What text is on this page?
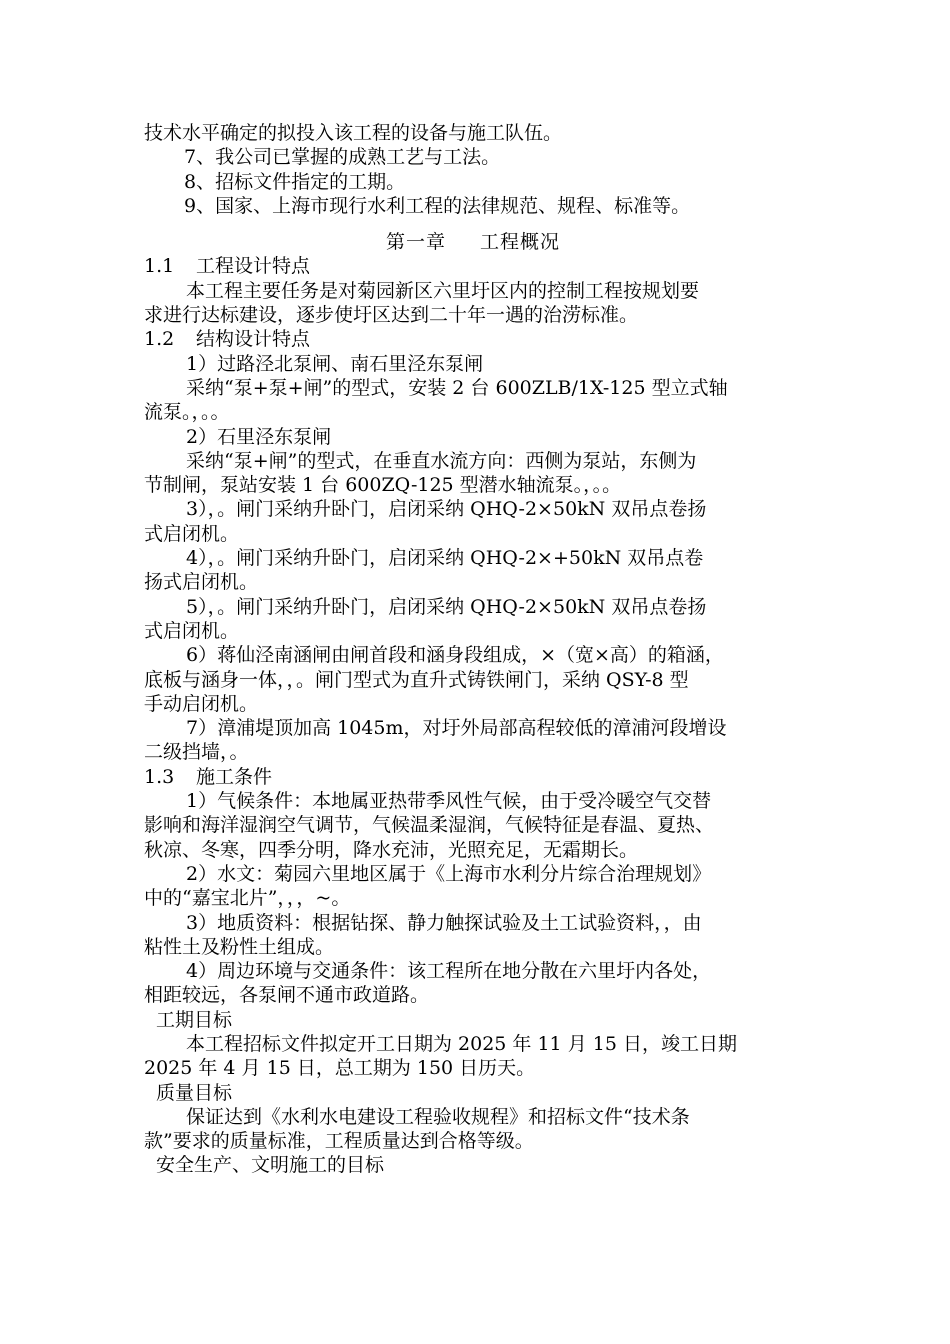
技术水平确定的拟投入该工程的设备与施工队伍。
7、我公司已掌握的成熟工艺与工法。
8、招标文件指定的工期。
9、国家、上海市现行水利工程的法律规范、规程、标准等。
第一章 工程概况
1.1 工程设计特点
本工程主要任务是对菊园新区六里圩区内的控制工程按规划要
求进行达标建设，逐步使圩区达到二十年一遇的治涝标准。
1.2 结构设计特点
1）过路泾北泵闸、南石里泾东泵闸
采纳“泵+泵+闸”的型式，安装 2 台 600ZLB/1X-125 型立式轴
流泵。，。。
2）石里泾东泵闸
采纳“泵+闸”的型式，在垂直水流方向：西侧为泵站，东侧为
节制闸，泵站安装 1 台 600ZQ-125 型潜水轴流泵。，。。
3），。闸门采纳升卧门，启闭采纳 QHQ-2×50kN 双吊点卷扬
式启闭机。
4），。闸门采纳升卧门，启闭采纳 QHQ-2×+50kN 双吊点卷
扬式启闭机。
5），。闸门采纳升卧门，启闭采纳 QHQ-2×50kN 双吊点卷扬
式启闭机。
6）蒋仙泾南涵闸由闸首段和涵身段组成，×（宽×高）的箱涵，
底板与涵身一体，，。闸门型式为直升式铸铁闸门，采纳 QSY-8 型
手动启闭机。
7）漳浦堤顶加高 1045m，对圩外局部高程较低的漳浦河段增设
二级挡墙，。
1.3 施工条件
1）气候条件：本地属亚热带季风性气候，由于受冷暖空气交替
影响和海洋湿润空气调节，气候温柔湿润，气候特征是春温、夏热、
秋凉、冬寒，四季分明，降水充沛，光照充足，无霜期长。
2）水文：菊园六里地区属于《上海市水利分片综合治理规划》
中的“嘉宝北片”，，，~。
3）地质资料：根据钻探、静力触探试验及土工试验资料，，由
粘性土及粉性土组成。
4）周边环境与交通条件：该工程所在地分散在六里圩内各处，
相距较远，各泵闸不通市政道路。
工期目标
本工程招标文件拟定开工日期为 2025 年 11 月 15 日，竣工日期
2025 年 4 月 15 日，总工期为 150 日历天。
质量目标
保证达到《水利水电建设工程验收规程》和招标文件“技术条
款”要求的质量标准，工程质量达到合格等级。
安全生产、文明施工的目标
